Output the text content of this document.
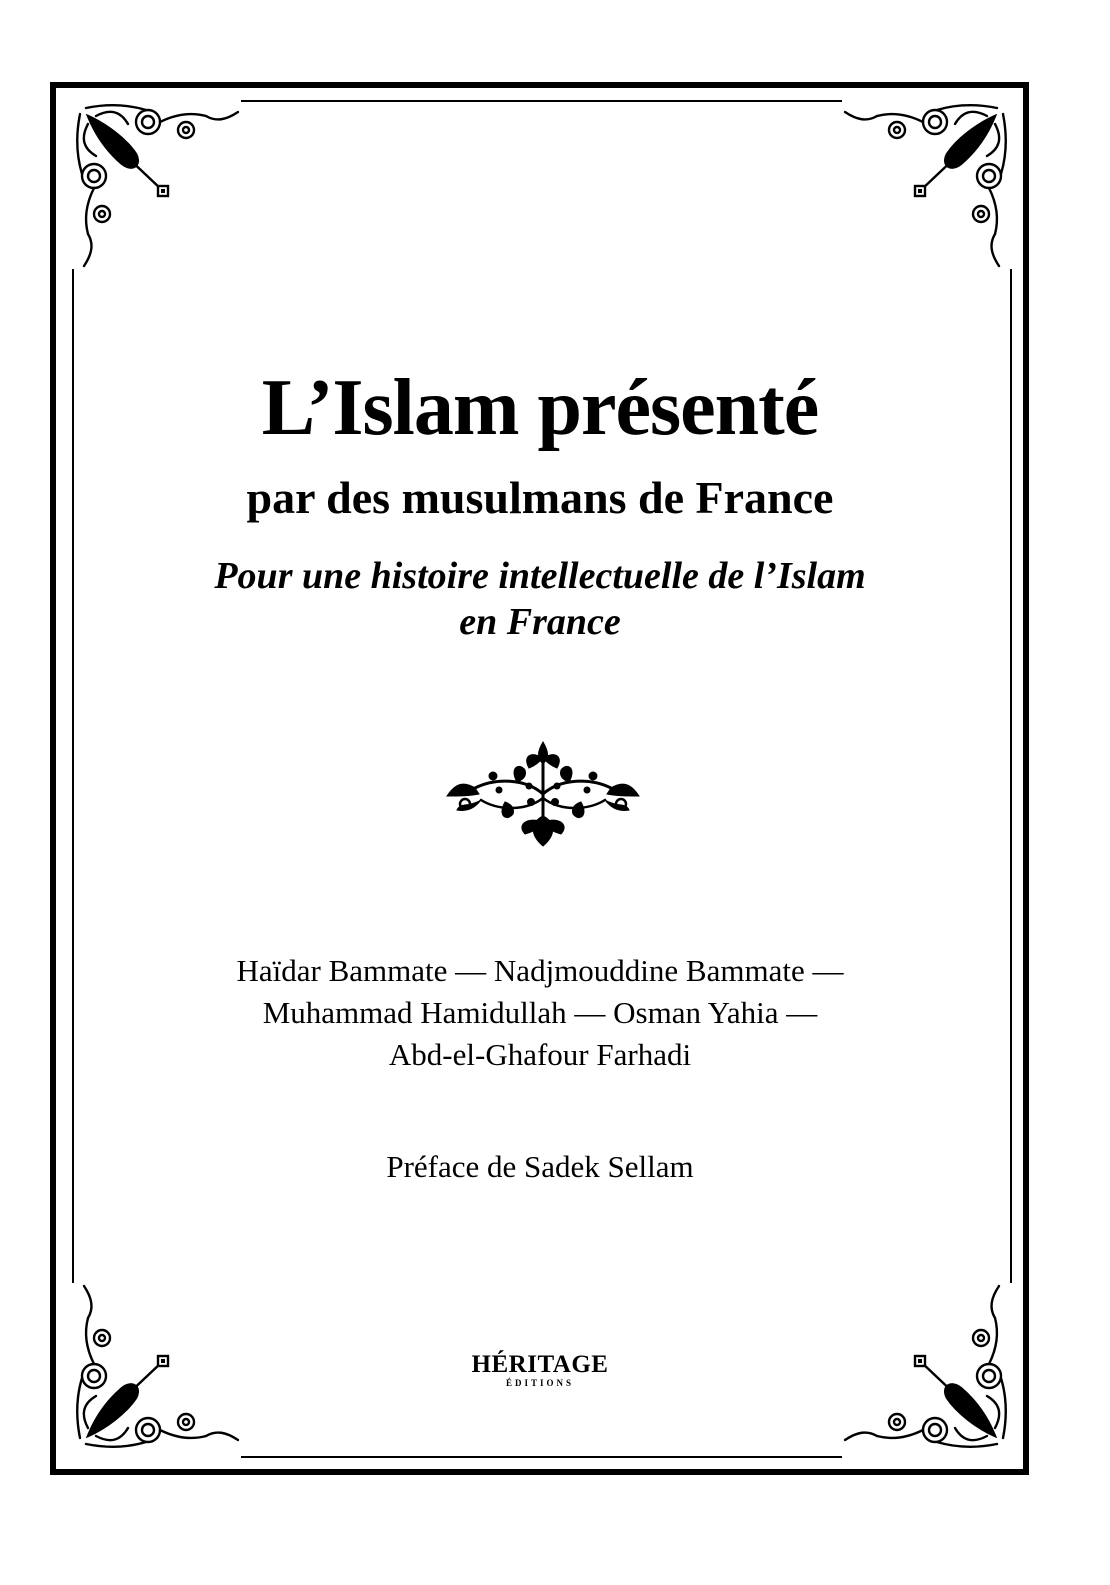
L’Islam présenté
par des musulmans de France
Pour une histoire intellectuelle de l’Islam
en France
Haïdar Bammate — Nadjmouddine Bammate —
Muhammad Hamidullah — Osman Yahia —
Abd-el-Ghafour Farhadi
Préface de Sadek Sellam
HÉRITAGE
ÉDITIONS
